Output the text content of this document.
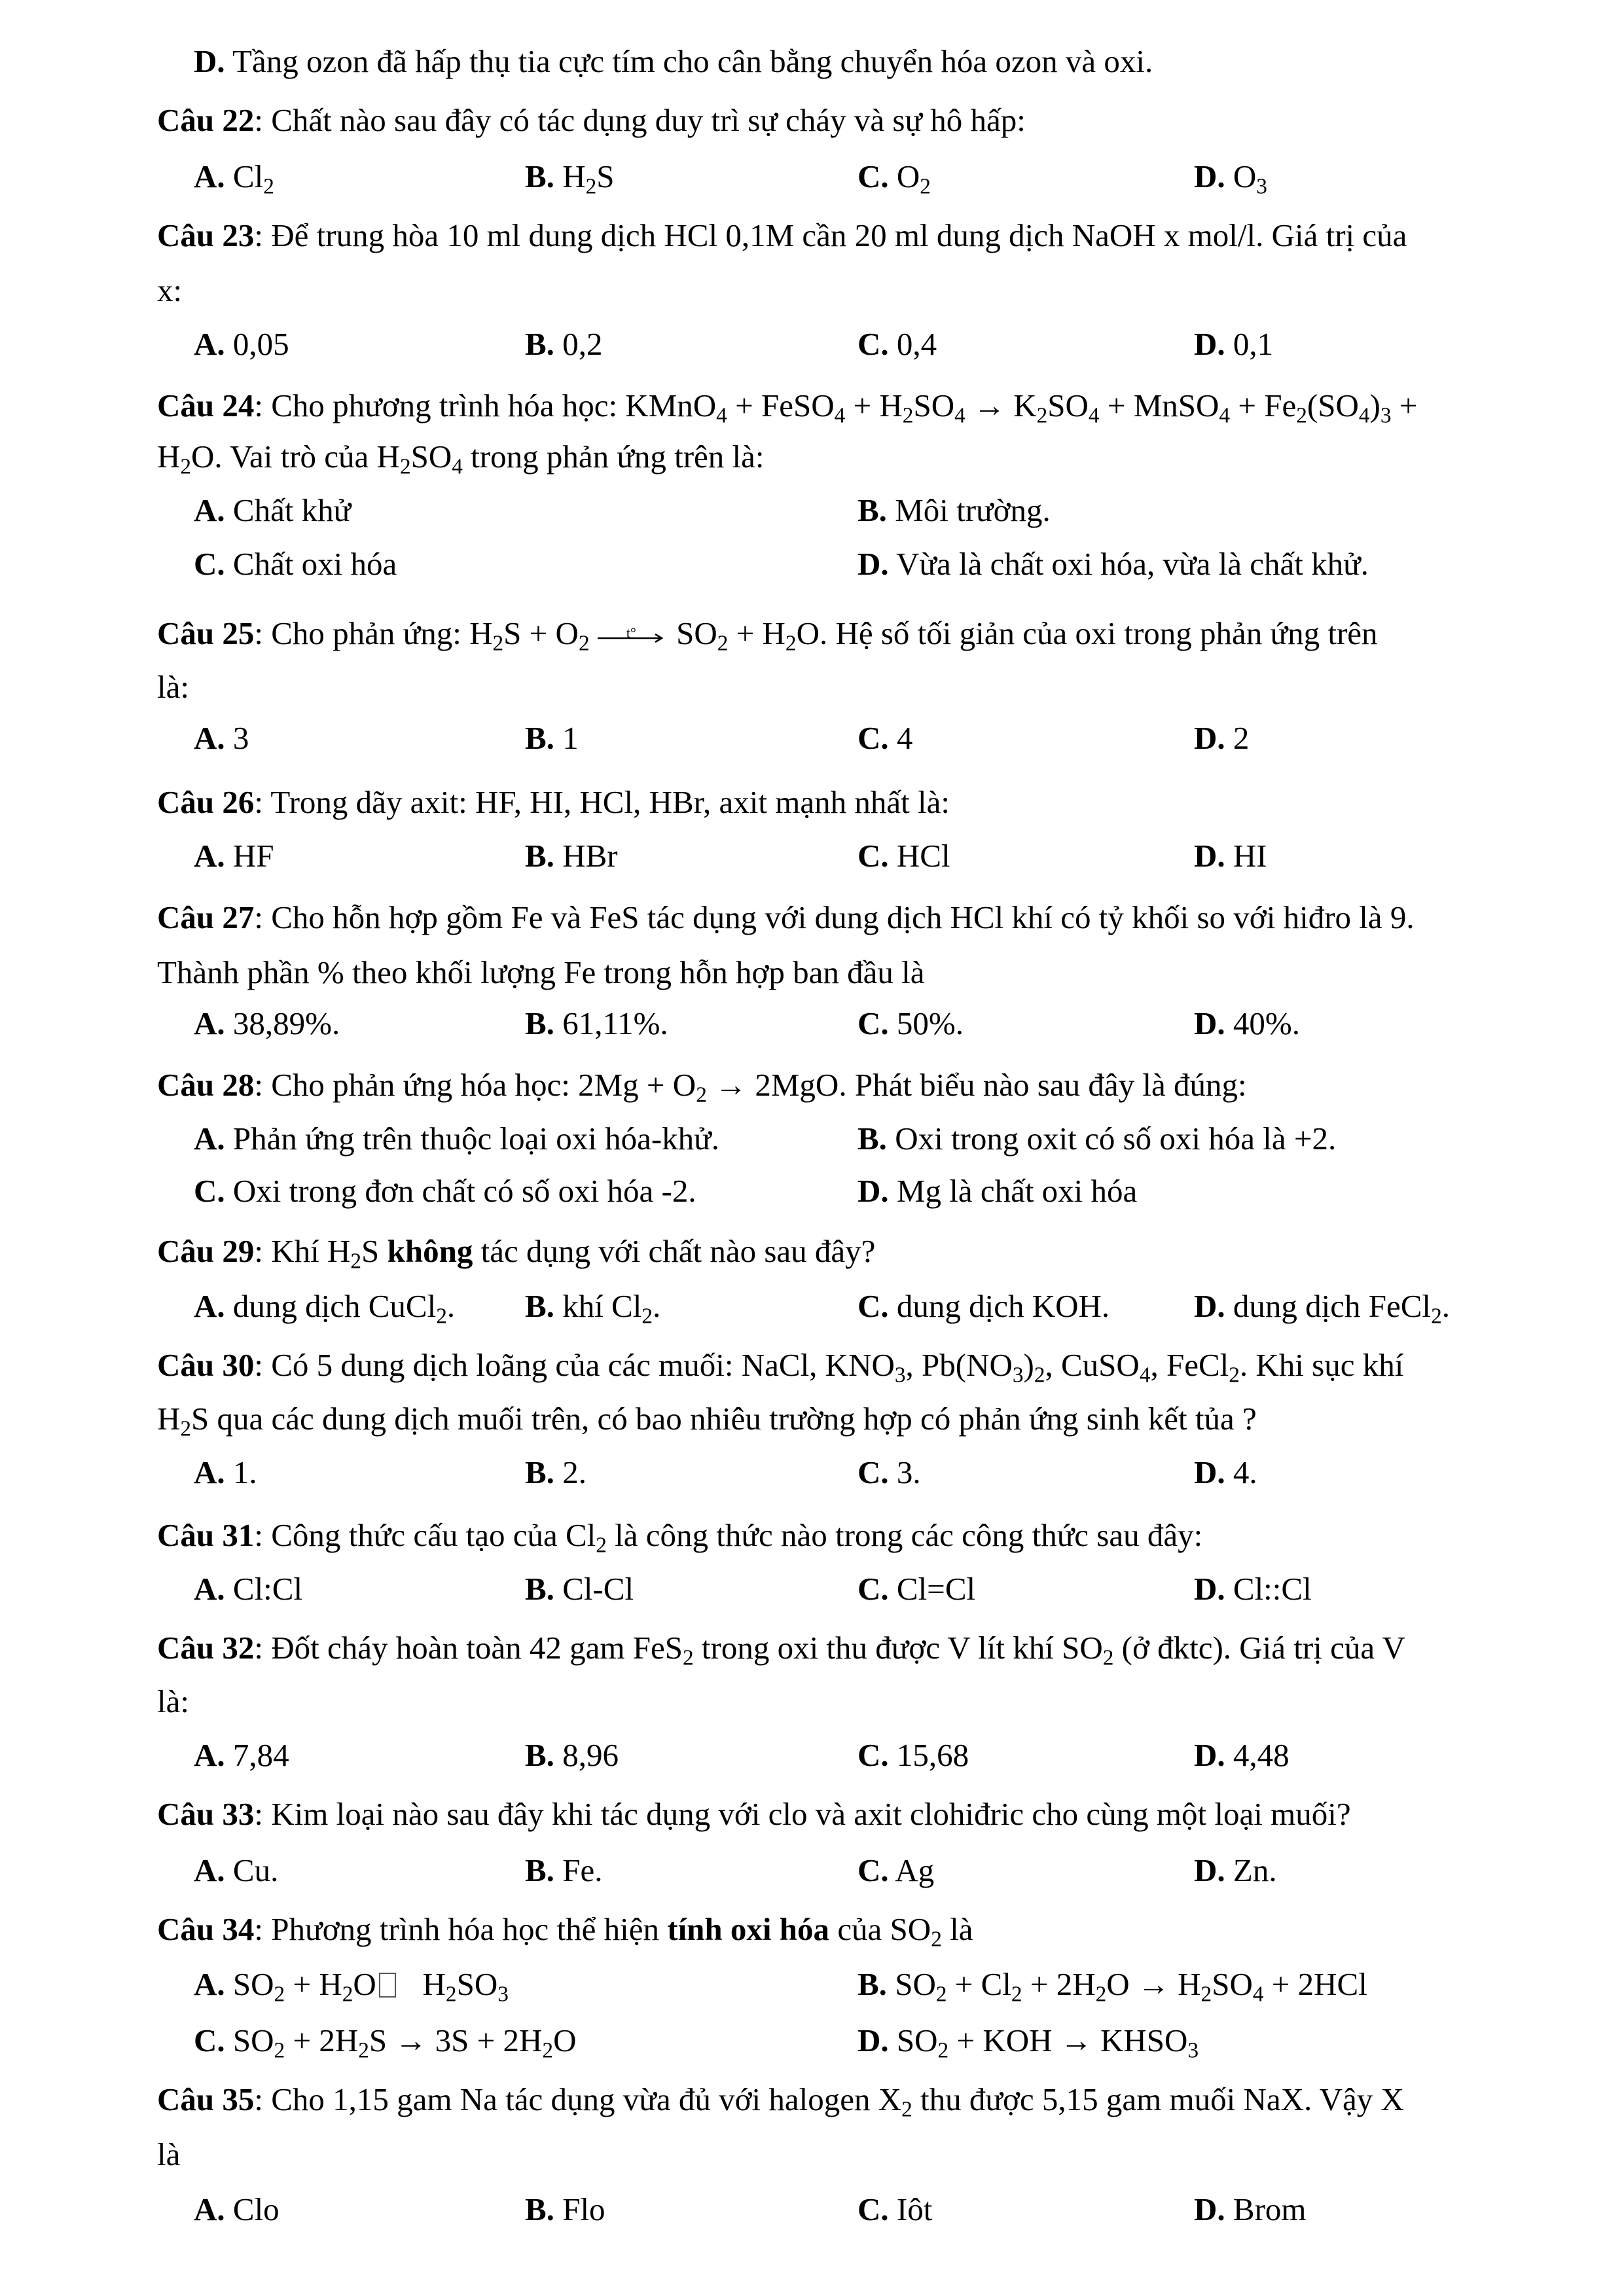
D. Tầng ozon đã hấp thụ tia cực tím cho cân bằng chuyển hóa ozon và oxi.
Câu 22: Chất nào sau đây có tác dụng duy trì sự cháy và sự hô hấp:
A. $Cl_2$	B. $H_2S$	C. $O_2$	D. $O_3$
Câu 23: Để trung hòa 10 ml dung dịch HCl 0,1M cần 20 ml dung dịch NaOH x mol/l. Giá trị của
x:
A. 0,05	B. 0,2	C. 0,4	D. 0,1
Câu 24: Cho phương trình hóa học: KMnO$_4$ + FeSO$_4$ + $H_2SO_4 \to K_2SO_4$ + MnSO$_4$ + $Fe_2(SO_4)_3$ +
$H_2O$. Vai trò của $H_2SO_4$ trong phản ứng trên là:
A. Chất khử	B. Môi trường.
C. Chất oxi hóa	D. Vừa là chất oxi hóa, vừa là chất khử.
Câu 25: Cho phản ứng: $H_2S + O_2$	t° $SO_2 + H_2O$. Hệ số tối giản của oxi trong phản ứng trên
là:
A. 3	B. 1	C. 4	D. 2
Câu 26: Trong dãy axit: HF, HI, HCl, HBr, axit mạnh nhất là:
A. HF	B. HBr	C. HCl	D. HI
Câu 27: Cho hỗn hợp gồm Fe và FeS tác dụng với dung dịch HCl khí có tỷ khối so với hiđro là 9.
Thành phần % theo khối lượng Fe trong hỗn hợp ban đầu là
A. 38,89%.	B. 61,11%.	C. 50%.	D. 40%.
Câu 28: Cho phản ứng hóa học: $2Mg + O_2 \to 2MgO$. Phát biểu nào sau đây là đúng:
A. Phản ứng trên thuộc loại oxi hóa-khử.	B. Oxi trong oxit có số oxi hóa là +2.
C. Oxi trong đơn chất có số oxi hóa -2.	D. Mg là chất oxi hóa
Câu 29: Khí $H_2S$ không tác dụng với chất nào sau đây?
A. dung dịch CuCl$_2$. B. khí $Cl_2$.	C. dung dịch KOH.	D. dung dịch FeCl$_2$.
Câu 30: Có 5 dung dịch loãng của các muối: NaCl, $KNO_3$, $Pb(NO_3)_2$, CuSO$_4$, FeCl$_2$. Khi sục khí
$H_2S$ qua các dung dịch muối trên, có bao nhiêu trường hợp có phản ứng sinh kết tủa ?
A. 1.	B. 2.	C. 3.	D. 4.
Câu 31: Công thức cấu tạo của $Cl_2$ là công thức nào trong các công thức sau đây:
A. Cl:Cl	B. Cl-Cl	C. Cl=Cl	D. Cl::Cl
Câu 32: Đốt cháy hoàn toàn 42 gam FeS$_2$ trong oxi thu được V lít khí $SO_2$ (ở đktc). Giá trị của V
là:
A. 7,84	B. 8,96	C. 15,68	D. 4,48
Câu 33: Kim loại nào sau đây khi tác dụng với clo và axit clohiđric cho cùng một loại muối?
A. Cu.	B. Fe.	C. Ag	D. Zn.
Câu 34: Phương trình hóa học thể hiện tính oxi hóa của $SO_2$ là
A. $SO_2 + H_2O$ $H_2SO_3$	B. $SO_2 + Cl_2 + 2H_2O \to H_2SO_4 + 2HCl$
C. $SO_2 + 2H_2S \to 3S + 2H_2O$	D. $SO_2$ + KOH → $KHSO_3$
Câu 35: Cho 1,15 gam Na tác dụng vừa đủ với halogen $X_2$ thu được 5,15 gam muối NaX. Vậy X
là
A. Clo	B. Flo	C. Iôt	D. Brom
